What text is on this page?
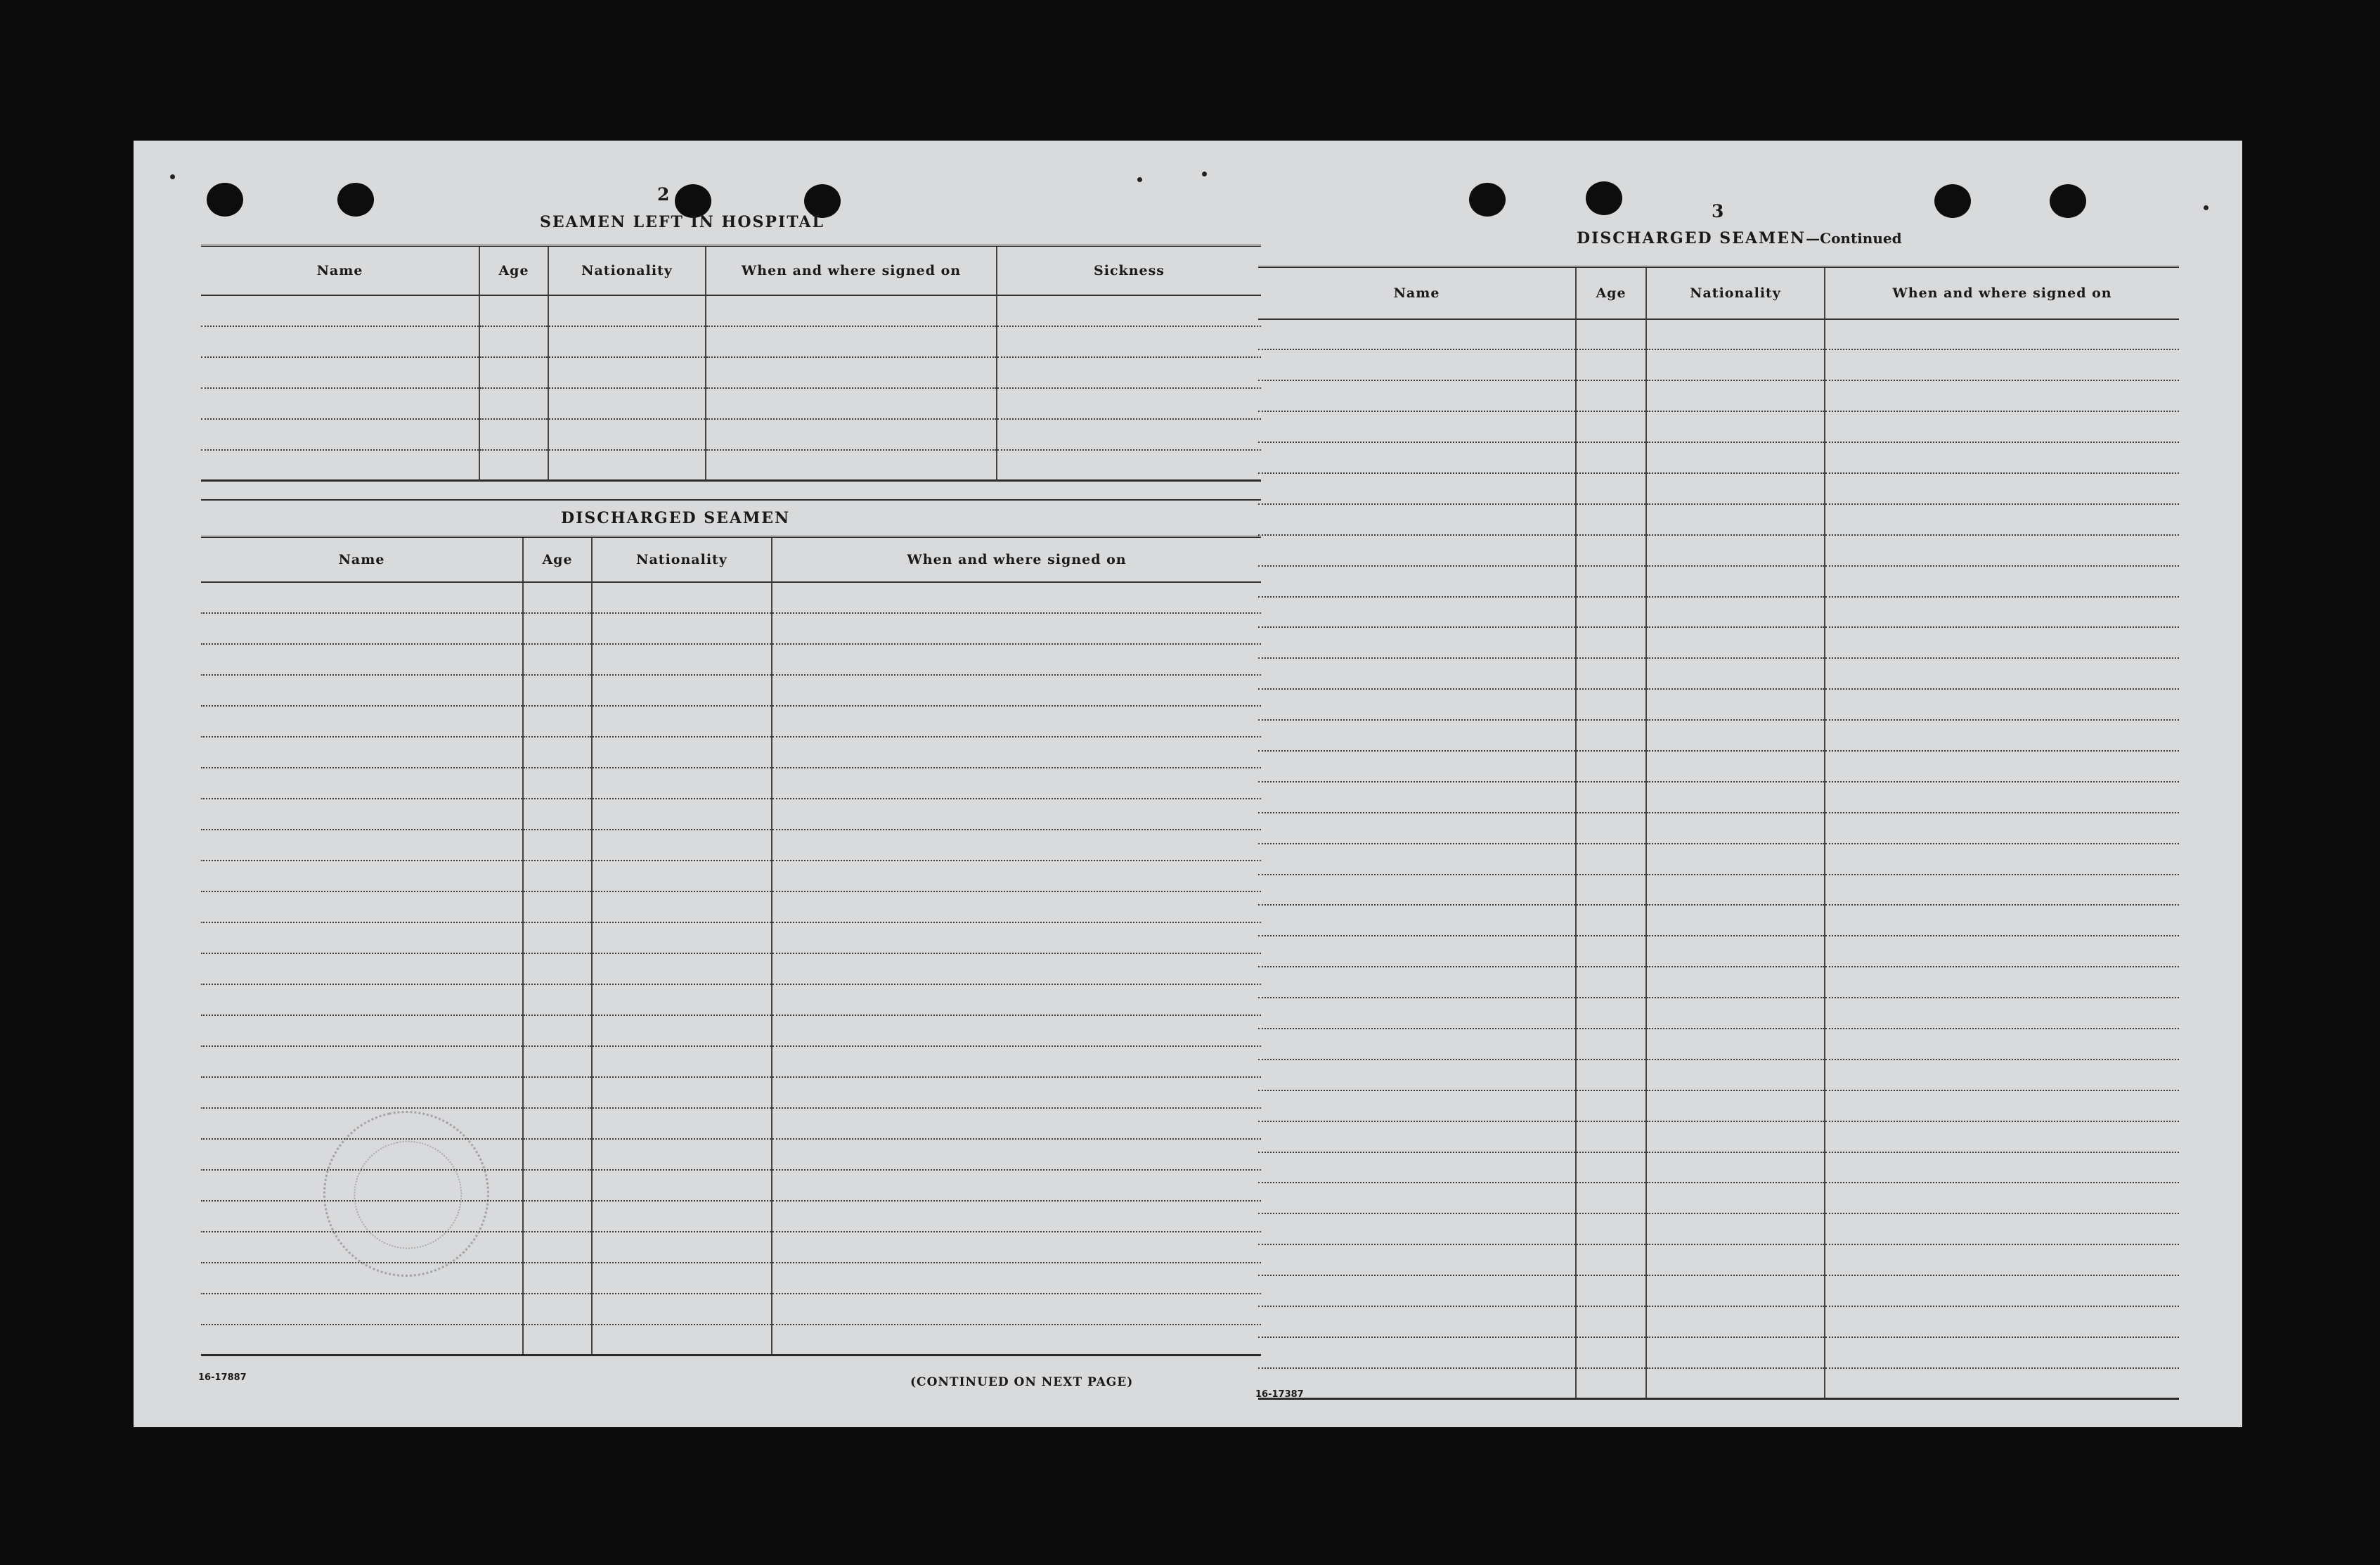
2
SEAMEN LEFT IN HOSPITAL
Name	Age	Nationality	When and where signed on	Sickness

DISCHARGED SEAMEN
Name	Age	Nationality	When and where signed on

16-17887	(CONTINUED ON NEXT PAGE)
3
DISCHARGED SEAMEN—Continued
Name	Age	Nationality	When and where signed on

16-17387
